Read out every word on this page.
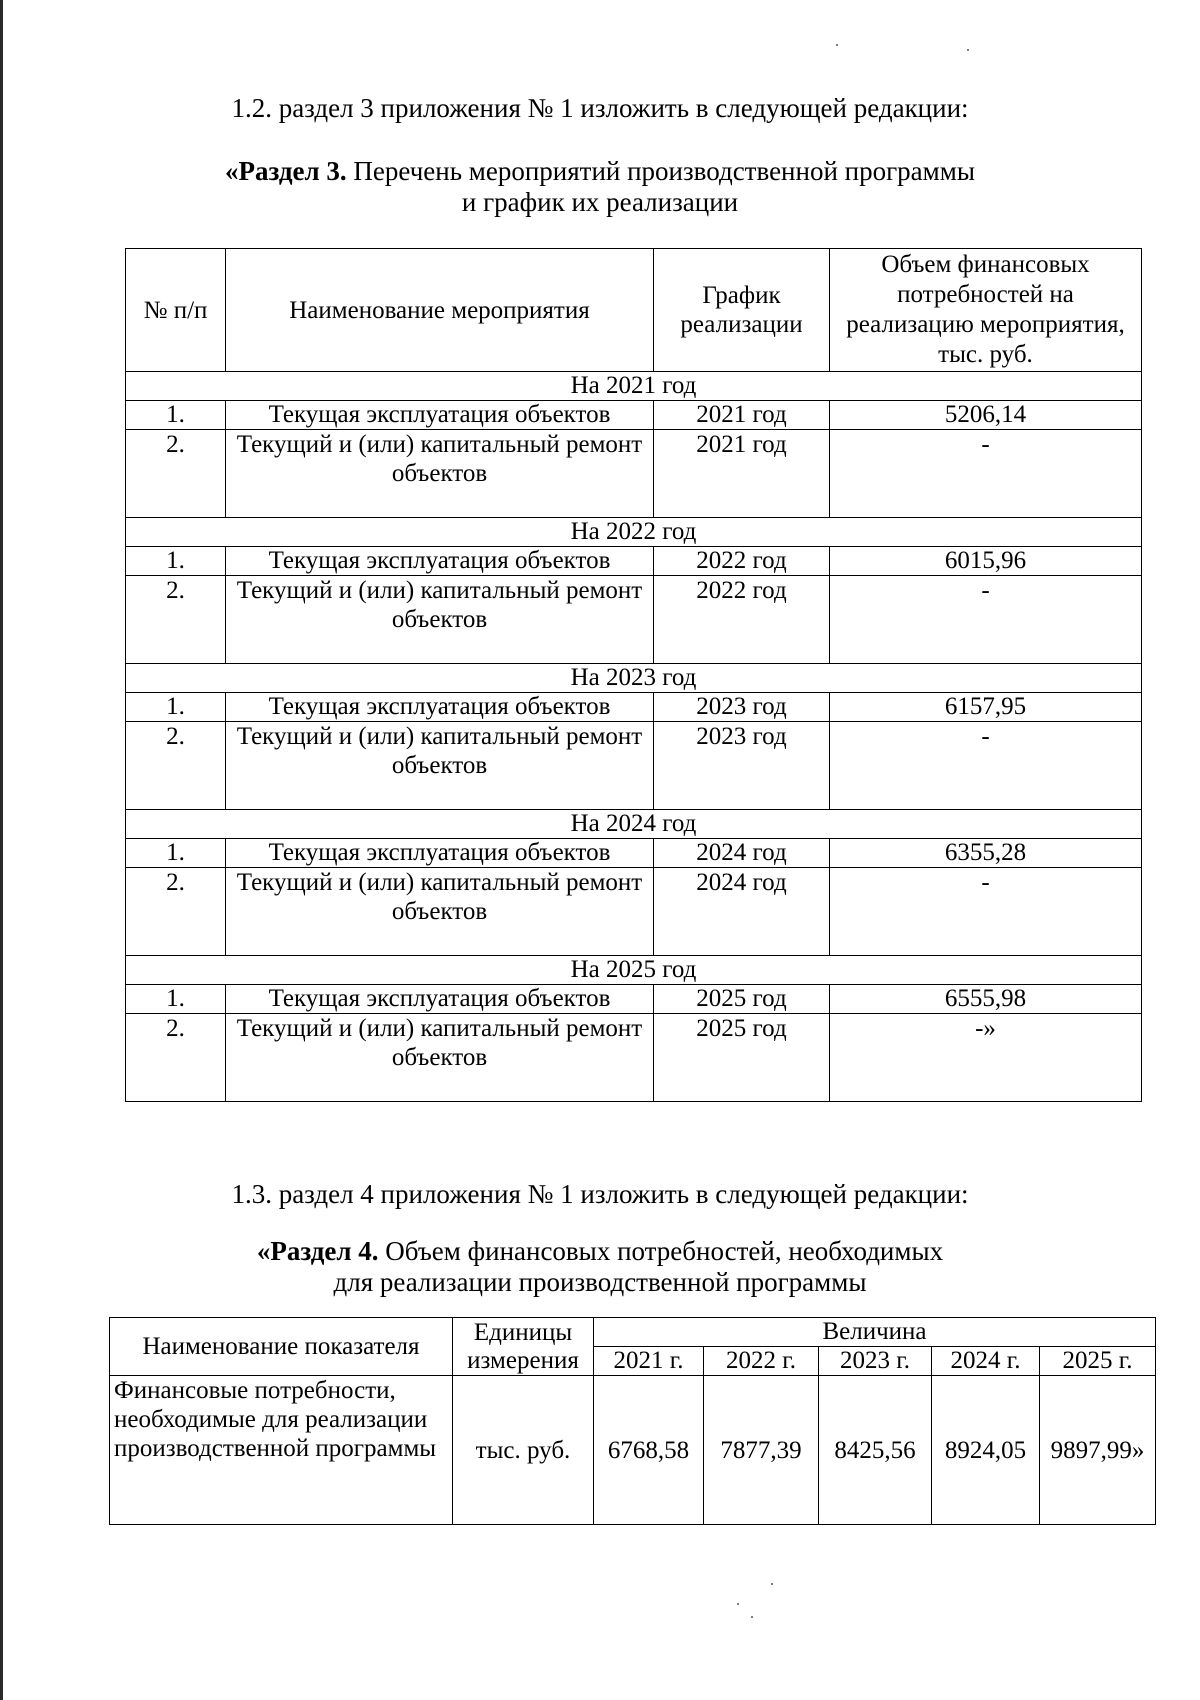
1.2. раздел 3 приложения № 1 изложить в следующей редакции:
«Раздел 3. Перечень мероприятий производственной программы
и график их реализации
№ п/п	Наименование мероприятия	График реализации	Объем финансовых потребностей на реализацию мероприятия, тыс. руб.
На 2021 год			
1.	Текущая эксплуатация объектов	2021 год	5206,14
2.	Текущий и (или) капитальный ремонт объектов	2021 год	-
На 2022 год			
1.	Текущая эксплуатация объектов	2022 год	6015,96
2.	Текущий и (или) капитальный ремонт объектов	2022 год	-
На 2023 год			
1.	Текущая эксплуатация объектов	2023 год	6157,95
2.	Текущий и (или) капитальный ремонт объектов	2023 год	-
На 2024 год			
1.	Текущая эксплуатация объектов	2024 год	6355,28
2.	Текущий и (или) капитальный ремонт объектов	2024 год	-
На 2025 год			
1.	Текущая эксплуатация объектов	2025 год	6555,98
2.	Текущий и (или) капитальный ремонт объектов	2025 год	-»
1.3. раздел 4 приложения № 1 изложить в следующей редакции:
«Раздел 4. Объем финансовых потребностей, необходимых
для реализации производственной программы
Наименование показателя	Единицы измерения	Величина				
		2021 г.	2022 г.	2023 г.	2024 г.	2025 г.
Финансовые потребности, необходимые для реализации производственной программы	тыс. руб.	6768,58	7877,39	8425,56	8924,05	9897,99»
